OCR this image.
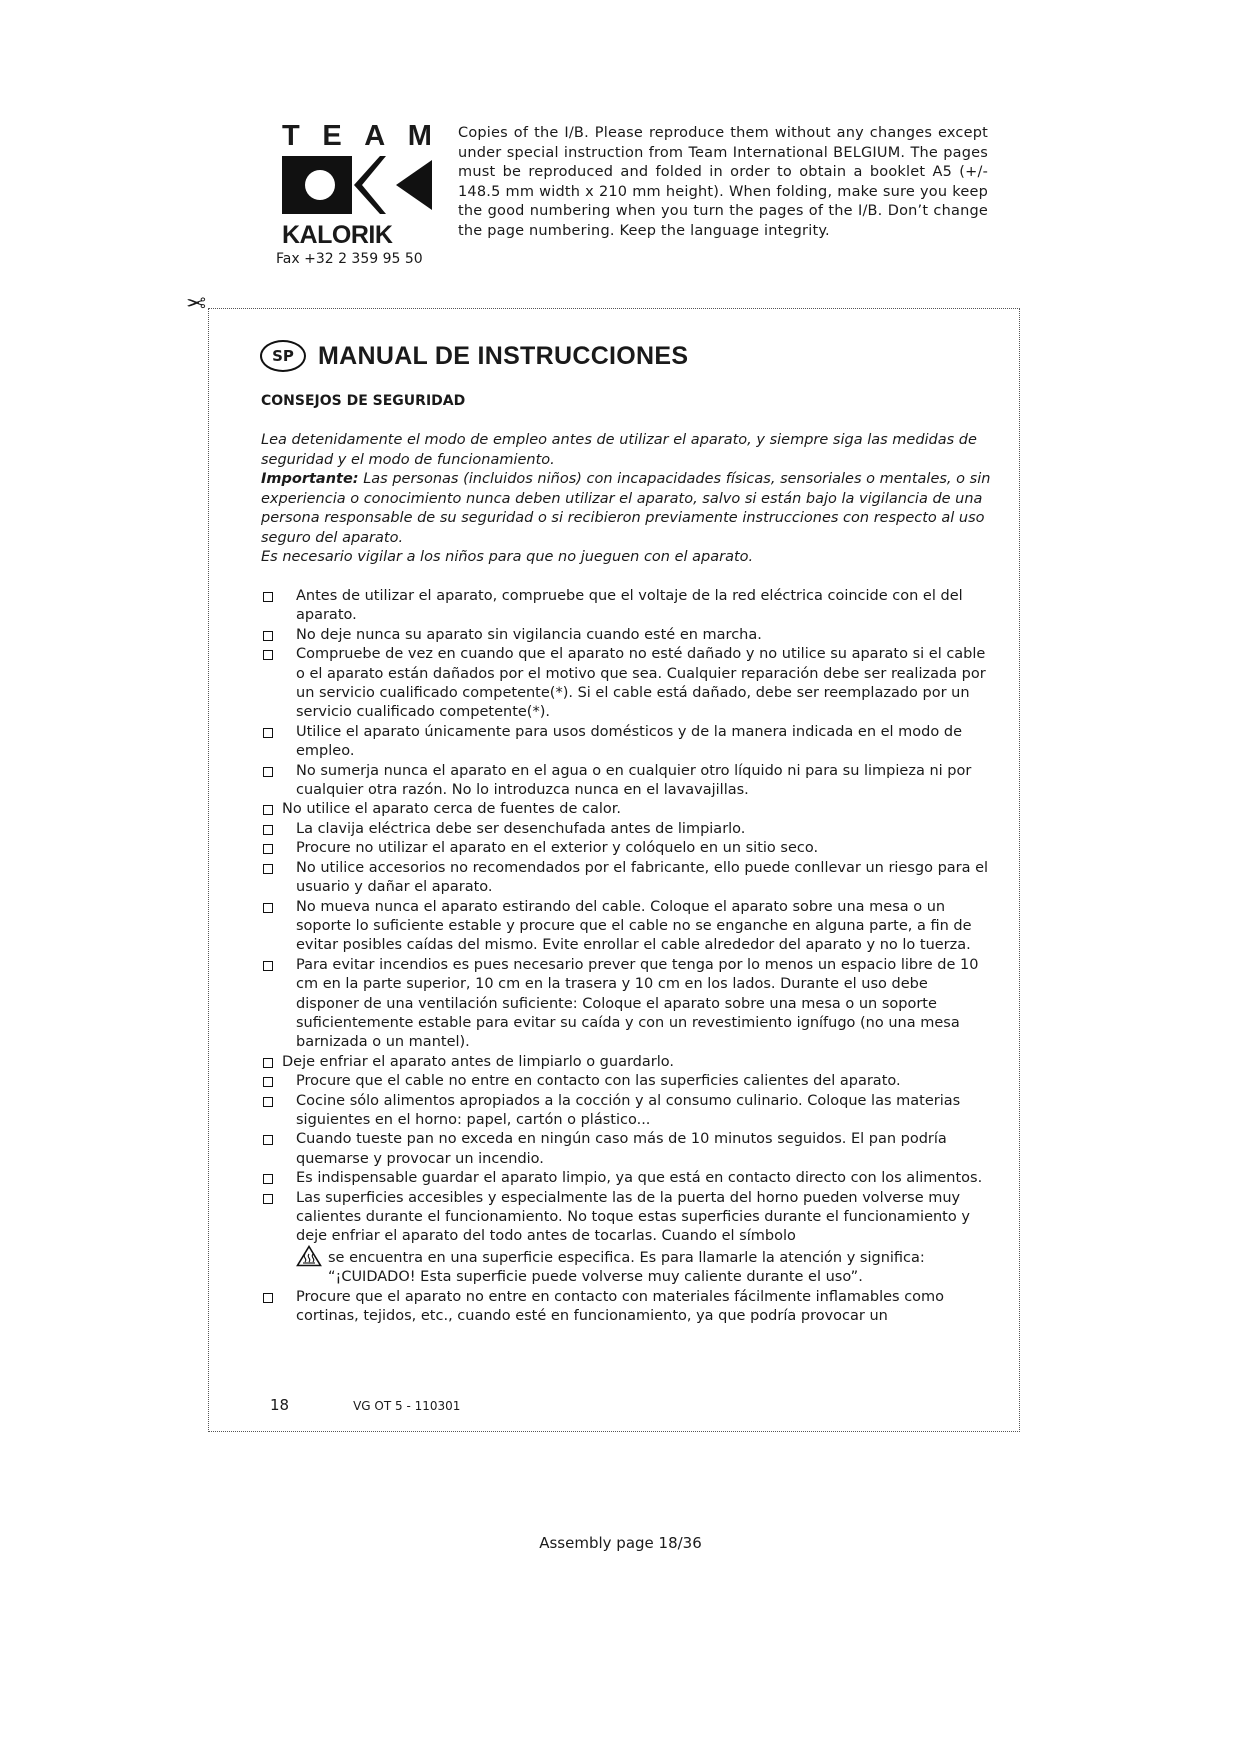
T E A M
KALORIK
Fax +32 2 359 95 50
Copies of the I/B. Please reproduce them without any changes except under special instruction from Team International BELGIUM. The pages must be reproduced and folded in order to obtain a booklet A5 (+/- 148.5 mm width x 210 mm height). When folding, make sure you keep the good numbering when you turn the pages of the I/B. Don’t change the page numbering. Keep the language integrity.
✂
SP MANUAL DE INSTRUCCIONES
CONSEJOS DE SEGURIDAD

Lea detenidamente el modo de empleo antes de utilizar el aparato, y siempre siga las medidas de seguridad y el modo de funcionamiento.

Importante: Las personas (incluidos niños) con incapacidades físicas, sensoriales o mentales, o sin experiencia o conocimiento nunca deben utilizar el aparato, salvo si están bajo la vigilancia de una persona responsable de su seguridad o si recibieron previamente instrucciones con respecto al uso seguro del aparato.

Es necesario vigilar a los niños para que no jueguen con el aparato.

Antes de utilizar el aparato, compruebe que el voltaje de la red eléctrica coincide con el del aparato.
No deje nunca su aparato sin vigilancia cuando esté en marcha.
Compruebe de vez en cuando que el aparato no esté dañado y no utilice su aparato si el cable o el aparato están dañados por el motivo que sea. Cualquier reparación debe ser realizada por un servicio cualificado competente(*). Si el cable está dañado, debe ser reemplazado por un servicio cualificado competente(*).
Utilice el aparato únicamente para usos domésticos y de la manera indicada en el modo de empleo.
No sumerja nunca el aparato en el agua o en cualquier otro líquido ni para su limpieza ni por cualquier otra razón. No lo introduzca nunca en el lavavajillas.
No utilice el aparato cerca de fuentes de calor.
La clavija eléctrica debe ser desenchufada antes de limpiarlo.
Procure no utilizar el aparato en el exterior y colóquelo en un sitio seco.
No utilice accesorios no recomendados por el fabricante, ello puede conllevar un riesgo para el usuario y dañar el aparato.
No mueva nunca el aparato estirando del cable. Coloque el aparato sobre una mesa o un soporte lo suficiente estable y procure que el cable no se enganche en alguna parte, a fin de evitar posibles caídas del mismo. Evite enrollar el cable alrededor del aparato y no lo tuerza.
Para evitar incendios es pues necesario prever que tenga por lo menos un espacio libre de 10 cm en la parte superior, 10 cm en la trasera y 10 cm en los lados. Durante el uso debe disponer de una ventilación suficiente: Coloque el aparato sobre una mesa o un soporte suficientemente estable para evitar su caída y con un revestimiento ignífugo (no una mesa barnizada o un mantel).
Deje enfriar el aparato antes de limpiarlo o guardarlo.
Procure que el cable no entre en contacto con las superficies calientes del aparato.
Cocine sólo alimentos apropiados a la cocción y al consumo culinario. Coloque las materias siguientes en el horno: papel, cartón o plástico...
Cuando tueste pan no exceda en ningún caso más de 10 minutos seguidos. El pan podría quemarse y provocar un incendio.
Es indispensable guardar el aparato limpio, ya que está en contacto directo con los alimentos.
Las superficies accesibles y especialmente las de la puerta del horno pueden volverse muy calientes durante el funcionamiento. No toque estas superficies durante el funcionamiento y deje enfriar el aparato del todo antes de tocarlas. Cuando el símbolo
se encuentra en una superficie especifica. Es para llamarle la atención y significa: “¡CUIDADO! Esta superficie puede volverse muy caliente durante el uso”.
Procure que el aparato no entre en contacto con materiales fácilmente inflamables como cortinas, tejidos, etc., cuando esté en funcionamiento, ya que podría provocar un
18	VG OT 5 - 110301
Assembly page 18/36
